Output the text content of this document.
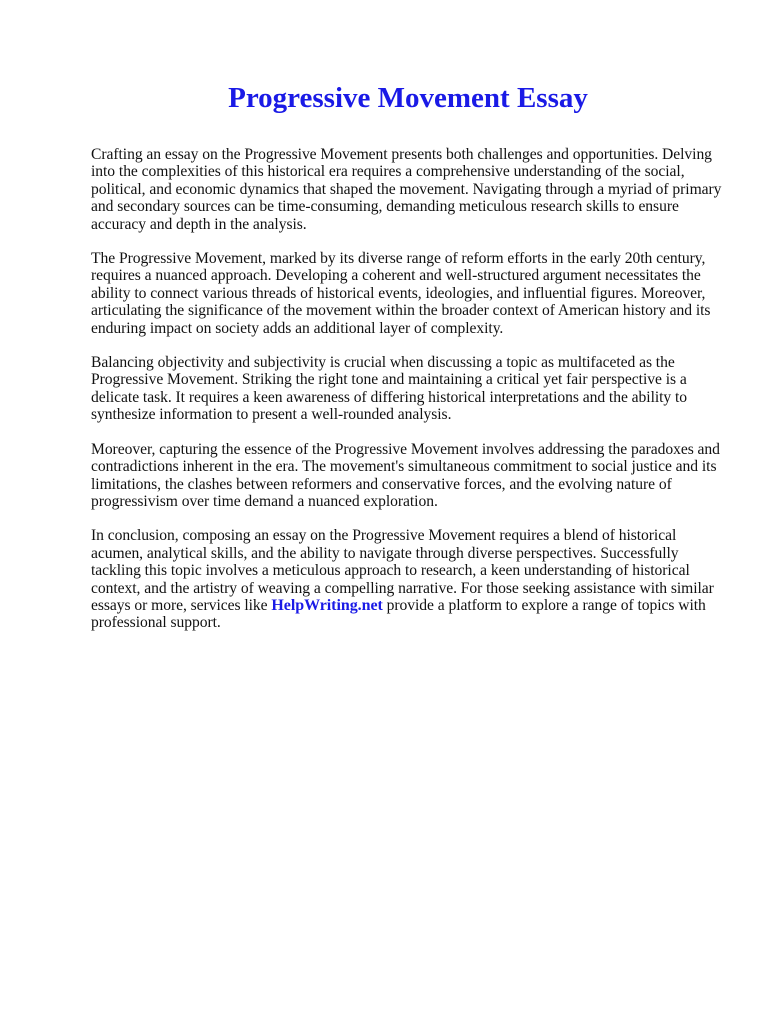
Progressive Movement Essay

Crafting an essay on the Progressive Movement presents both challenges and opportunities. Delving into the complexities of this historical era requires a comprehensive understanding of the social, political, and economic dynamics that shaped the movement. Navigating through a myriad of primary and secondary sources can be time-consuming, demanding meticulous research skills to ensure accuracy and depth in the analysis.

The Progressive Movement, marked by its diverse range of reform efforts in the early 20th century, requires a nuanced approach. Developing a coherent and well-structured argument necessitates the ability to connect various threads of historical events, ideologies, and influential figures. Moreover, articulating the significance of the movement within the broader context of American history and its enduring impact on society adds an additional layer of complexity.

Balancing objectivity and subjectivity is crucial when discussing a topic as multifaceted as the Progressive Movement. Striking the right tone and maintaining a critical yet fair perspective is a delicate task. It requires a keen awareness of differing historical interpretations and the ability to synthesize information to present a well-rounded analysis.

Moreover, capturing the essence of the Progressive Movement involves addressing the paradoxes and contradictions inherent in the era. The movement's simultaneous commitment to social justice and its limitations, the clashes between reformers and conservative forces, and the evolving nature of progressivism over time demand a nuanced exploration.

In conclusion, composing an essay on the Progressive Movement requires a blend of historical acumen, analytical skills, and the ability to navigate through diverse perspectives. Successfully tackling this topic involves a meticulous approach to research, a keen understanding of historical context, and the artistry of weaving a compelling narrative. For those seeking assistance with similar essays or more, services like HelpWriting.net provide a platform to explore a range of topics with professional support.
